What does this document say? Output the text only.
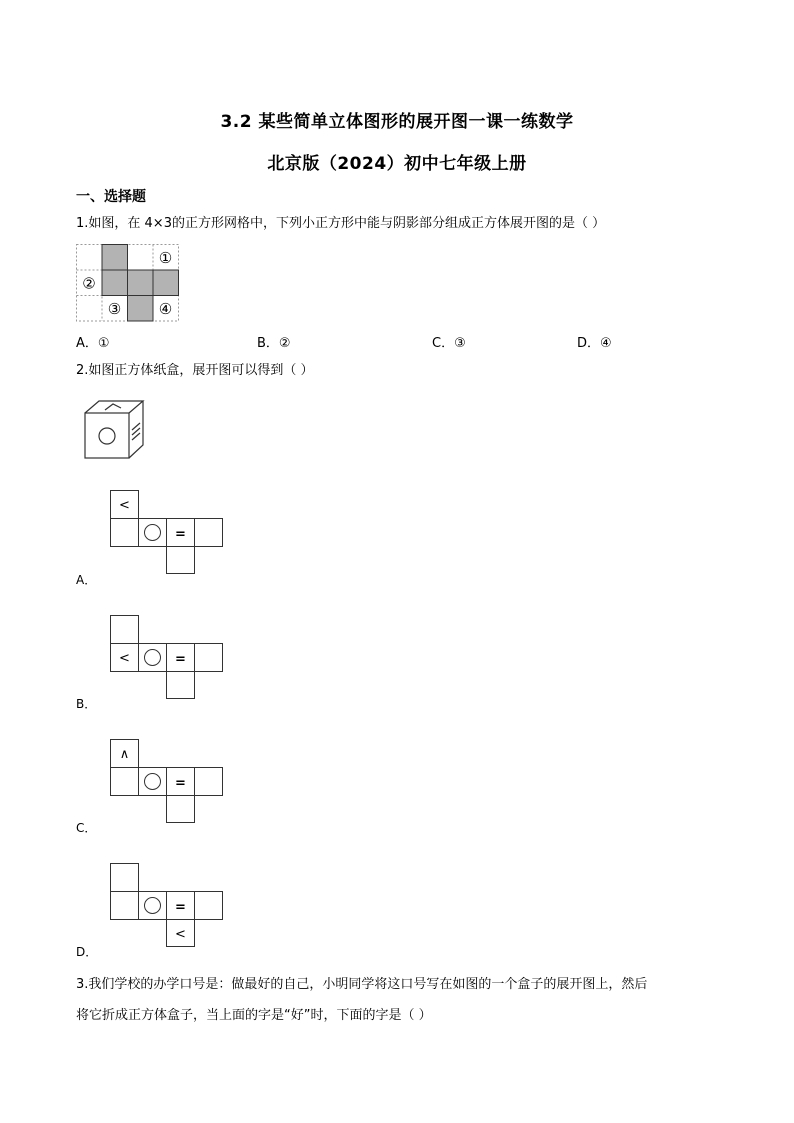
3.2 某些简单立体图形的展开图一课一练数学
北京版（2024）初中七年级上册
一、选择题
1.如图，在 4×3的正方形网格中，下列小正方形中能与阴影部分组成正方体展开图的是（ ）
①
②
③	④
A．①	B．②	C．③	D．④
2.如图正方体纸盒，展开图可以得到（ ）
<
=
A．
<	=
B．
∧
=
C．
=
<
D．
3.我们学校的办学口号是：做最好的自己，小明同学将这口号写在如图的一个盒子的展开图上，然后
将它折成正方体盒子，当上面的字是“好”时，下面的字是（ ）
